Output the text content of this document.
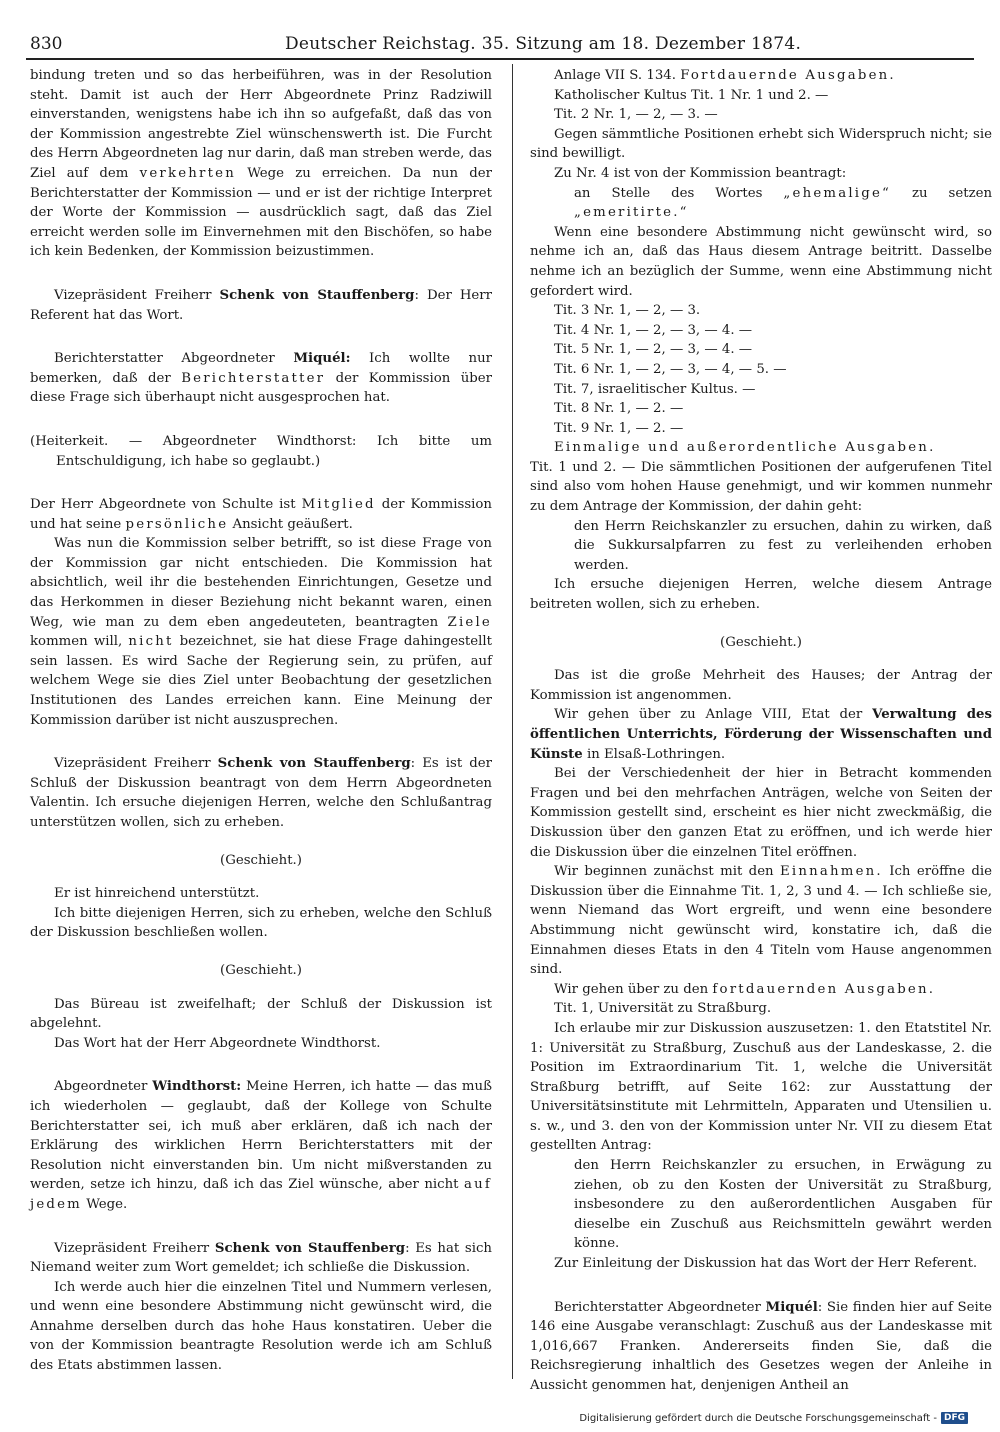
830	Deutscher Reichstag. 35. Sitzung am 18. Dezember 1874.

bindung treten und so das herbeiführen, was in der Resolution steht. Damit ist auch der Herr Abgeordnete Prinz Radziwill einverstanden, wenigstens habe ich ihn so aufgefaßt, daß das von der Kommission angestrebte Ziel wünschenswerth ist. Die Furcht des Herrn Abgeordneten lag nur darin, daß man streben werde, das Ziel auf dem verkehrten Wege zu erreichen. Da nun der Berichterstatter der Kommission — und er ist der richtige Interpret der Worte der Kommission — ausdrücklich sagt, daß das Ziel erreicht werden solle im Einvernehmen mit den Bischöfen, so habe ich kein Bedenken, der Kommission beizustimmen.

Vizepräsident Freiherr Schenk von Stauffenberg: Der Herr Referent hat das Wort.

Berichterstatter Abgeordneter Miquél: Ich wollte nur bemerken, daß der Berichterstatter der Kommission über diese Frage sich überhaupt nicht ausgesprochen hat.

(Heiterkeit. — Abgeordneter Windthorst: Ich bitte um Entschuldigung, ich habe so geglaubt.)

Der Herr Abgeordnete von Schulte ist Mitglied der Kommission und hat seine persönliche Ansicht geäußert.

Was nun die Kommission selber betrifft, so ist diese Frage von der Kommission gar nicht entschieden. Die Kommission hat absichtlich, weil ihr die bestehenden Einrichtungen, Gesetze und das Herkommen in dieser Beziehung nicht bekannt waren, einen Weg, wie man zu dem eben angedeuteten, beantragten Ziele kommen will, nicht bezeichnet, sie hat diese Frage dahingestellt sein lassen. Es wird Sache der Regierung sein, zu prüfen, auf welchem Wege sie dies Ziel unter Beobachtung der gesetzlichen Institutionen des Landes erreichen kann. Eine Meinung der Kommission darüber ist nicht auszusprechen.

Vizepräsident Freiherr Schenk von Stauffenberg: Es ist der Schluß der Diskussion beantragt von dem Herrn Abgeordneten Valentin. Ich ersuche diejenigen Herren, welche den Schlußantrag unterstützen wollen, sich zu erheben.

(Geschieht.)

Er ist hinreichend unterstützt.

Ich bitte diejenigen Herren, sich zu erheben, welche den Schluß der Diskussion beschließen wollen.

(Geschieht.)

Das Büreau ist zweifelhaft; der Schluß der Diskussion ist abgelehnt.

Das Wort hat der Herr Abgeordnete Windthorst.

Abgeordneter Windthorst: Meine Herren, ich hatte — das muß ich wiederholen — geglaubt, daß der Kollege von Schulte Berichterstatter sei, ich muß aber erklären, daß ich nach der Erklärung des wirklichen Herrn Berichterstatters mit der Resolution nicht einverstanden bin. Um nicht mißverstanden zu werden, setze ich hinzu, daß ich das Ziel wünsche, aber nicht auf jedem Wege.

Vizepräsident Freiherr Schenk von Stauffenberg: Es hat sich Niemand weiter zum Wort gemeldet; ich schließe die Diskussion.

Ich werde auch hier die einzelnen Titel und Nummern verlesen, und wenn eine besondere Abstimmung nicht gewünscht wird, die Annahme derselben durch das hohe Haus konstatiren. Ueber die von der Kommission beantragte Resolution werde ich am Schluß des Etats abstimmen lassen.

Anlage VII S. 134. Fortdauernde Ausgaben.

Katholischer Kultus Tit. 1 Nr. 1 und 2. —

Tit. 2 Nr. 1, — 2, — 3. —

Gegen sämmtliche Positionen erhebt sich Widerspruch nicht; sie sind bewilligt.

Zu Nr. 4 ist von der Kommission beantragt:

an Stelle des Wortes „ehemalige“ zu setzen „emeritirte.“

Wenn eine besondere Abstimmung nicht gewünscht wird, so nehme ich an, daß das Haus diesem Antrage beitritt. Dasselbe nehme ich an bezüglich der Summe, wenn eine Abstimmung nicht gefordert wird.

Tit. 3 Nr. 1, — 2, — 3.

Tit. 4 Nr. 1, — 2, — 3, — 4. —

Tit. 5 Nr. 1, — 2, — 3, — 4. —

Tit. 6 Nr. 1, — 2, — 3, — 4, — 5. —

Tit. 7, israelitischer Kultus. —

Tit. 8 Nr. 1, — 2. —

Tit. 9 Nr. 1, — 2. —

Einmalige und außerordentliche Ausgaben.

Tit. 1 und 2. — Die sämmtlichen Positionen der aufgerufenen Titel sind also vom hohen Hause genehmigt, und wir kommen nunmehr zu dem Antrage der Kommission, der dahin geht:

den Herrn Reichskanzler zu ersuchen, dahin zu wirken, daß die Sukkursalpfarren zu fest zu verleihenden erhoben werden.

Ich ersuche diejenigen Herren, welche diesem Antrage beitreten wollen, sich zu erheben.

(Geschieht.)

Das ist die große Mehrheit des Hauses; der Antrag der Kommission ist angenommen.

Wir gehen über zu Anlage VIII, Etat der Verwaltung des öffentlichen Unterrichts, Förderung der Wissenschaften und Künste in Elsaß-Lothringen.

Bei der Verschiedenheit der hier in Betracht kommenden Fragen und bei den mehrfachen Anträgen, welche von Seiten der Kommission gestellt sind, erscheint es hier nicht zweckmäßig, die Diskussion über den ganzen Etat zu eröffnen, und ich werde hier die Diskussion über die einzelnen Titel eröffnen.

Wir beginnen zunächst mit den Einnahmen. Ich eröffne die Diskussion über die Einnahme Tit. 1, 2, 3 und 4. — Ich schließe sie, wenn Niemand das Wort ergreift, und wenn eine besondere Abstimmung nicht gewünscht wird, konstatire ich, daß die Einnahmen dieses Etats in den 4 Titeln vom Hause angenommen sind.

Wir gehen über zu den fortdauernden Ausgaben.

Tit. 1, Universität zu Straßburg.

Ich erlaube mir zur Diskussion auszusetzen: 1. den Etatstitel Nr. 1: Universität zu Straßburg, Zuschuß aus der Landeskasse, 2. die Position im Extraordinarium Tit. 1, welche die Universität Straßburg betrifft, auf Seite 162: zur Ausstattung der Universitätsinstitute mit Lehrmitteln, Apparaten und Utensilien u. s. w., und 3. den von der Kommission unter Nr. VII zu diesem Etat gestellten Antrag:

den Herrn Reichskanzler zu ersuchen, in Erwägung zu ziehen, ob zu den Kosten der Universität zu Straßburg, insbesondere zu den außerordentlichen Ausgaben für dieselbe ein Zuschuß aus Reichsmitteln gewährt werden könne.

Zur Einleitung der Diskussion hat das Wort der Herr Referent.

Berichterstatter Abgeordneter Miquél: Sie finden hier auf Seite 146 eine Ausgabe veranschlagt: Zuschuß aus der Landeskasse mit 1,016,667 Franken. Andererseits finden Sie, daß die Reichsregierung inhaltlich des Gesetzes wegen der Anleihe in Aussicht genommen hat, denjenigen Antheil an

Digitalisierung gefördert durch die Deutsche Forschungsgemeinschaft - DFG
